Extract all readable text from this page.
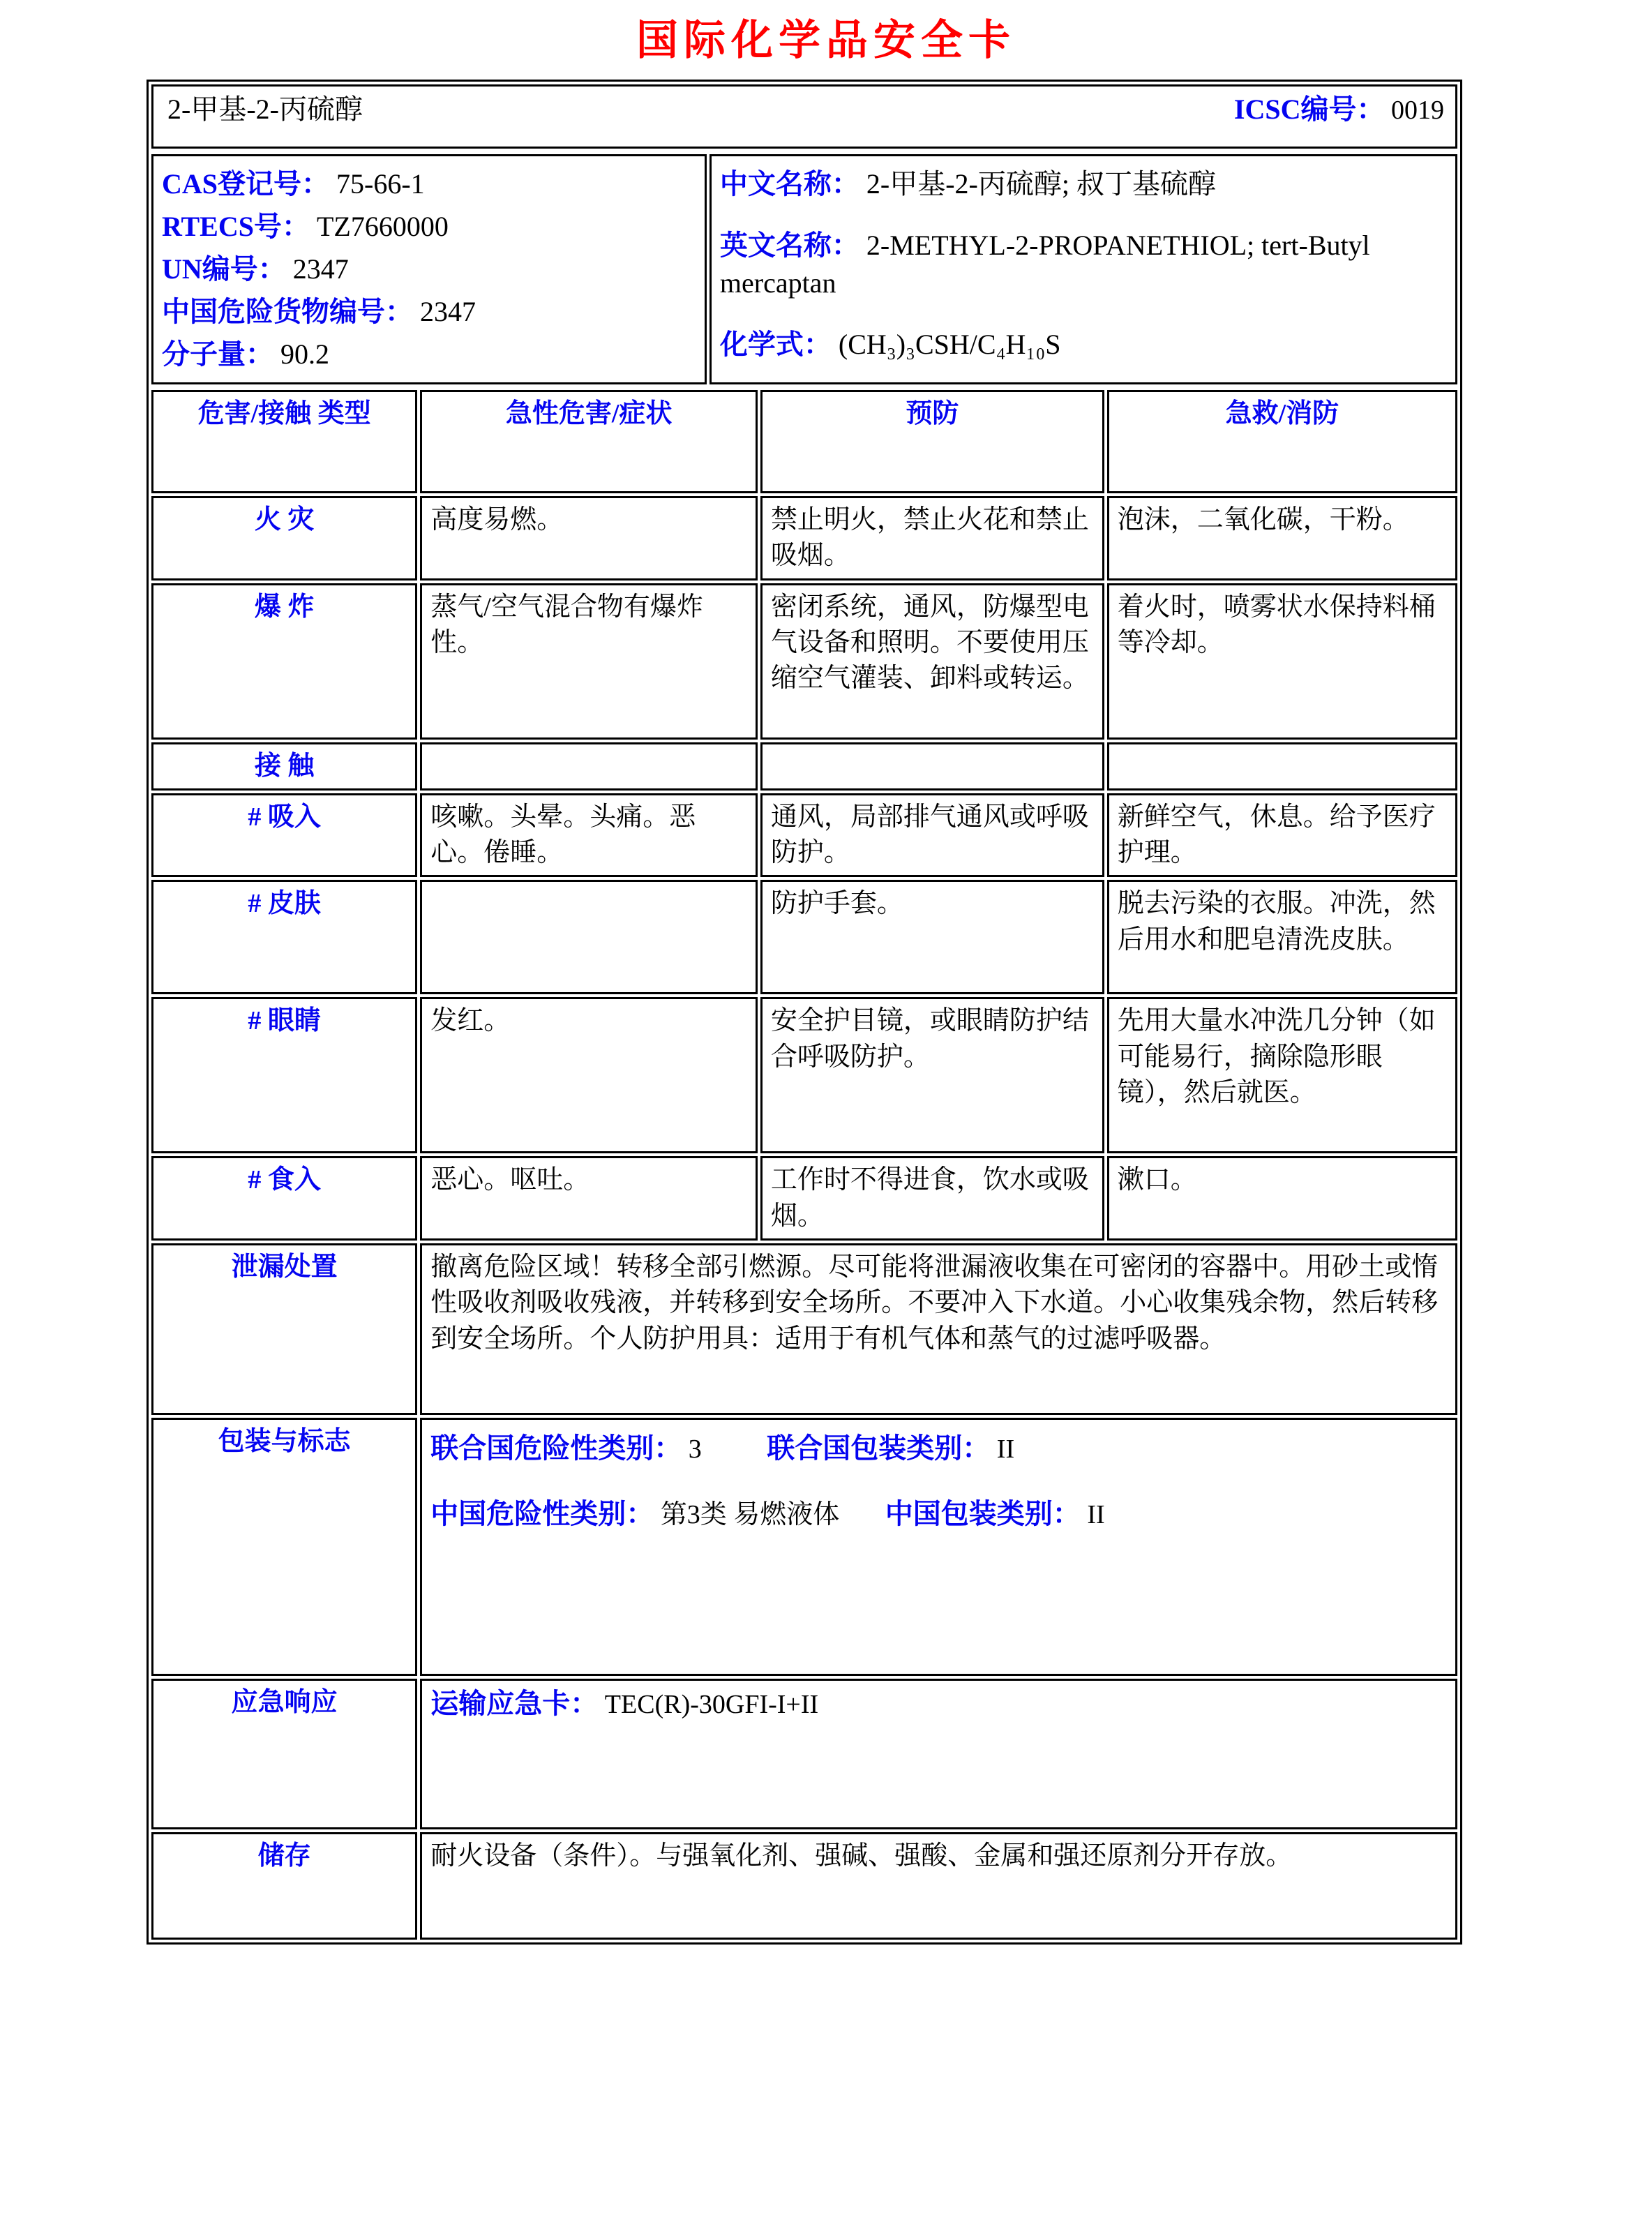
国际化学品安全卡
2-甲基-2-丙硫醇	ICSC编号： 0019
CAS登记号： 75-66-1
RTECS号： TZ7660000
UN编号： 2347
中国危险货物编号： 2347
分子量： 90.2

中文名称： 2-甲基-2-丙硫醇; 叔丁基硫醇
英文名称： 2-METHYL-2-PROPANETHIOL; tert-Butyl mercaptan
化学式： (CH₃)₃CSH/C₄H₁₀S
危害/接触 类型	急性危害/症状	预防	急救/消防
火 灾	高度易燃。	禁止明火，禁止火花和禁止吸烟。	泡沫，二氧化碳，干粉。
爆 炸	蒸气/空气混合物有爆炸性。	密闭系统，通风，防爆型电气设备和照明。不要使用压缩空气灌装、卸料或转运。	着火时，喷雾状水保持料桶等冷却。
接 触			
# 吸入	咳嗽。头晕。头痛。恶心。倦睡。	通风，局部排气通风或呼吸防护。	新鲜空气，休息。给予医疗护理。
# 皮肤		防护手套。	脱去污染的衣服。冲洗，然后用水和肥皂清洗皮肤。
# 眼睛	发红。	安全护目镜，或眼睛防护结合呼吸防护。	先用大量水冲洗几分钟（如可能易行，摘除隐形眼镜），然后就医。
# 食入	恶心。呕吐。	工作时不得进食，饮水或吸烟。	漱口。
泄漏处置	撤离危险区域！转移全部引燃源。尽可能将泄漏液收集在可密闭的容器中。用砂土或惰性吸收剂吸收残液，并转移到安全场所。不要冲入下水道。小心收集残余物，然后转移到安全场所。个人防护用具：适用于有机气体和蒸气的过滤呼吸器。		
包装与标志	联合国危险性类别： 3 联合国包装类别： II
中国危险性类别： 第3类 易燃液体 中国包装类别： II		

应急响应	运输应急卡： TEC(R)-30GFI-I+II		
储存	耐火设备（条件）。与强氧化剂、强碱、强酸、金属和强还原剂分开存放。		
